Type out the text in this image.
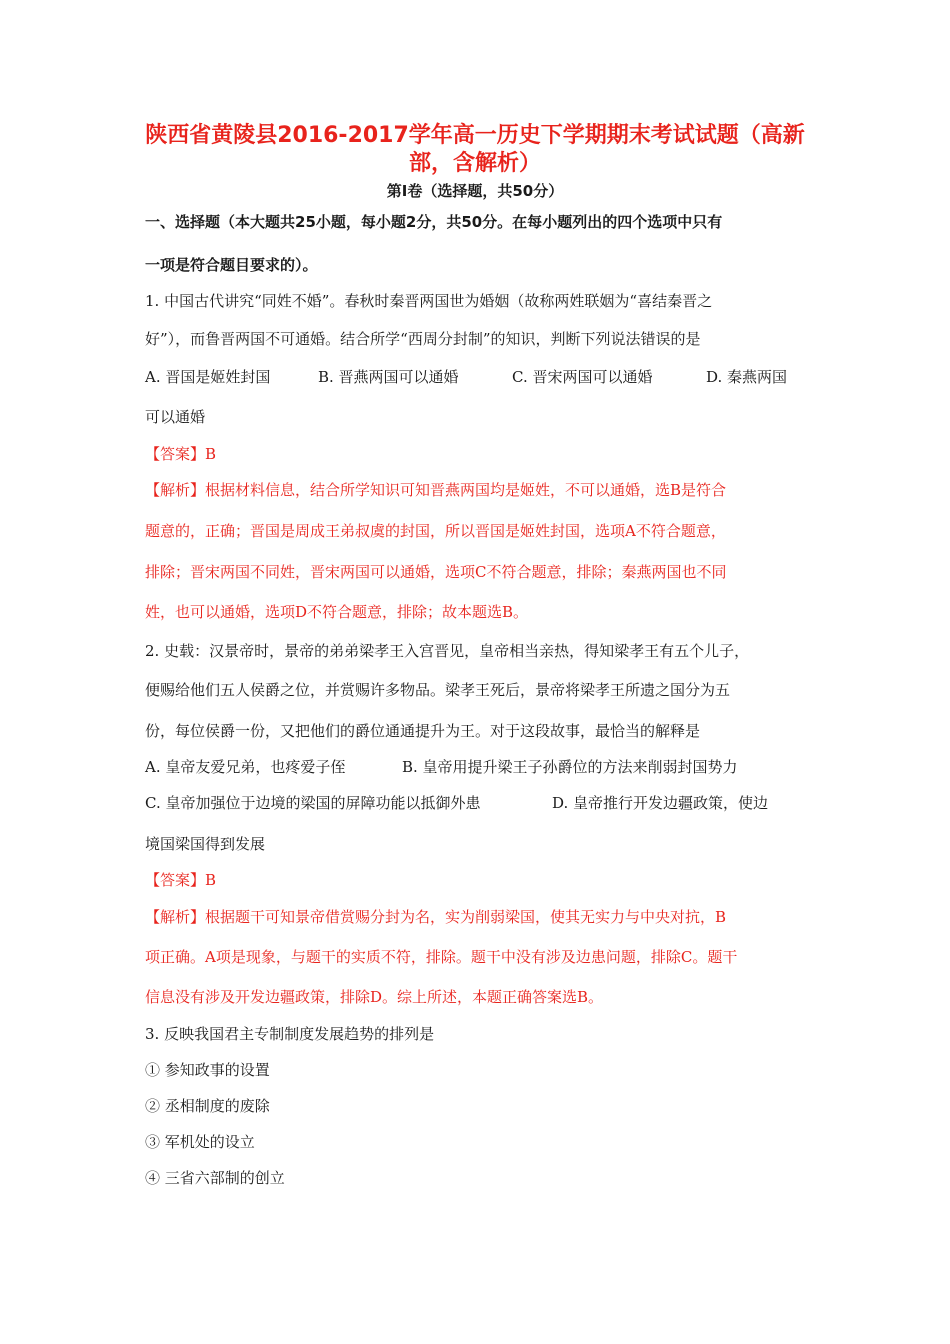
陕西省黄陵县2016-2017学年高一历史下学期期末考试试题（高新
部，含解析）
第Ⅰ卷（选择题，共50分）
一、选择题（本大题共25小题，每小题2分，共50分。在每小题列出的四个选项中只有
一项是符合题目要求的）。
1. 中国古代讲究“同姓不婚”。春秋时秦晋两国世为婚姻（故称两姓联姻为“喜结秦晋之
好”），而鲁晋两国不可通婚。结合所学“西周分封制”的知识，判断下列说法错误的是
A. 晋国是姬姓封国	B. 晋燕两国可以通婚	C. 晋宋两国可以通婚	D. 秦燕两国
可以通婚
【答案】B
【解析】根据材料信息，结合所学知识可知晋燕两国均是姬姓，不可以通婚，选B是符合
题意的，正确；晋国是周成王弟叔虞的封国，所以晋国是姬姓封国，选项A不符合题意，
排除；晋宋两国不同姓，晋宋两国可以通婚，选项C不符合题意，排除；秦燕两国也不同
姓，也可以通婚，选项D不符合题意，排除；故本题选B。
2. 史载：汉景帝时，景帝的弟弟梁孝王入宫晋见，皇帝相当亲热，得知梁孝王有五个儿子，
便赐给他们五人侯爵之位，并赏赐许多物品。梁孝王死后，景帝将梁孝王所遗之国分为五
份，每位侯爵一份，又把他们的爵位通通提升为王。对于这段故事，最恰当的解释是
A. 皇帝友爱兄弟，也疼爱子侄	B. 皇帝用提升梁王子孙爵位的方法来削弱封国势力
C. 皇帝加强位于边境的梁国的屏障功能以抵御外患	D. 皇帝推行开发边疆政策，使边
境国梁国得到发展
【答案】B
【解析】根据题干可知景帝借赏赐分封为名，实为削弱梁国，使其无实力与中央对抗，B
项正确。A项是现象，与题干的实质不符，排除。题干中没有涉及边患问题，排除C。题干
信息没有涉及开发边疆政策，排除D。综上所述，本题正确答案选B。
3. 反映我国君主专制制度发展趋势的排列是
① 参知政事的设置
② 丞相制度的废除
③ 军机处的设立
④ 三省六部制的创立
